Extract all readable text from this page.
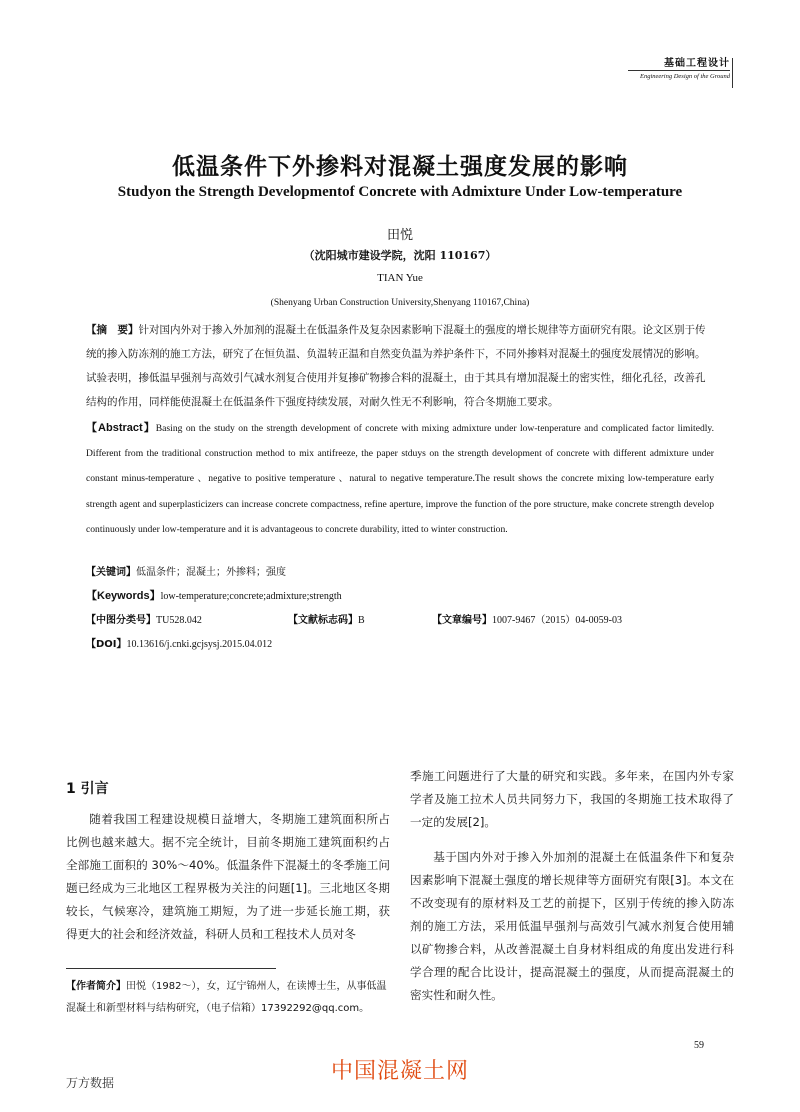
基础工程设计
Engineering Design of the Ground
低温条件下外掺料对混凝土强度发展的影响
Studyon the Strength Developmentof Concrete with Admixture Under Low-temperature
田悦
（沈阳城市建设学院，沈阳 110167）
TIAN Yue
(Shenyang Urban Construction University,Shenyang 110167,China)
【摘　要】针对国内外对于掺入外加剂的混凝土在低温条件及复杂因素影响下混凝土的强度的增长规律等方面研究有限。论文区别于传统的掺入防冻剂的施工方法，研究了在恒负温、负温转正温和自然变负温为养护条件下，不同外掺料对混凝土的强度发展情况的影响。试验表明，掺低温早强剂与高效引气减水剂复合使用并复掺矿物掺合料的混凝土，由于其具有增加混凝土的密实性，细化孔径，改善孔结构的作用，同样能使混凝土在低温条件下强度持续发展，对耐久性无不利影响，符合冬期施工要求。
【Abstract】Basing on the study on the strength development of concrete with mixing admixture under low-tenperature and complicated factor limitedly. Different from the traditional construction method to mix antifreeze, the paper stduys on the strength development of concrete with different admixture under constant minus-temperature 、negative to positive temperature 、natural to negative temperature.The result shows the concrete mixing low-temperature early strength agent and superplasticizers can increase concrete compactness, refine aperture, improve the function of the pore structure, make concrete strength develop continuously under low-temperature and it is advantageous to concrete durability, itted to winter construction.
【关键词】低温条件；混凝土；外掺料；强度
【Keywords】low-temperature;concrete;admixture;strength
【中图分类号】TU528.042	【文献标志码】B	【文章编号】1007-9467（2015）04-0059-03
【DOI】10.13616/j.cnki.gcjsysj.2015.04.012
1 引言

随着我国工程建设规模日益增大，冬期施工建筑面积所占比例也越来越大。据不完全统计，目前冬期施工建筑面积约占全部施工面积的 30%～40%。低温条件下混凝土的冬季施工问题已经成为三北地区工程界极为关注的问题[1]。三北地区冬期较长，气候寒冷，建筑施工期短，为了进一步延长施工期，获得更大的社会和经济效益，科研人员和工程技术人员对冬

季施工问题进行了大量的研究和实践。多年来，在国内外专家学者及施工拉术人员共同努力下，我国的冬期施工技术取得了一定的发展[2]。

基于国内外对于掺入外加剂的混凝土在低温条件下和复杂因素影响下混凝土强度的增长规律等方面研究有限[3]。本文在不改变现有的原材料及工艺的前提下，区别于传统的掺入防冻剂的施工方法，采用低温早强剂与高效引气减水剂复合使用辅以矿物掺合料，从改善混凝土自身材料组成的角度出发进行科学合理的配合比设计，提高混凝土的强度，从而提高混凝土的密实性和耐久性。

【作者简介】田悦（1982～），女，辽宁锦州人，在读博士生，从事低温混凝土和新型材料与结构研究，（电子信箱）17392292@qq.com。
59
中国混凝土网
万方数据
